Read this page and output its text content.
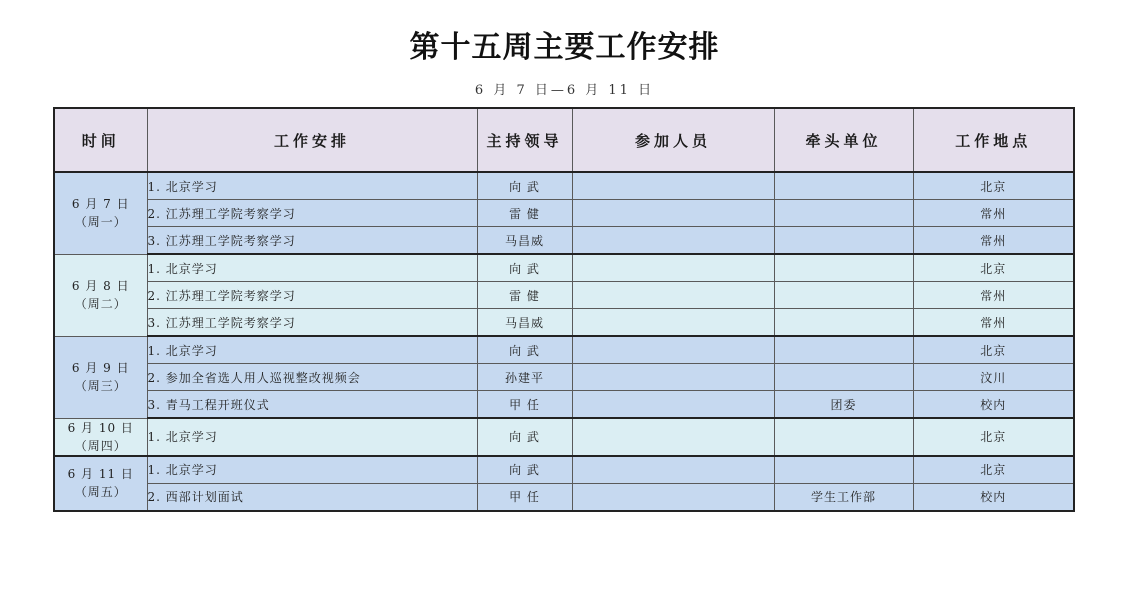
第十五周主要工作安排
6 月 7 日—6 月 11 日
时间	工作安排	主持领导	参加人员	牵头单位	工作地点

6 月 7 日
（周一）	1. 北京学习	向 武			北京
	2. 江苏理工学院考察学习	雷 健			常州
	3. 江苏理工学院考察学习	马昌威			常州

6 月 8 日
（周二）	1. 北京学习	向 武			北京
	2. 江苏理工学院考察学习	雷 健			常州
	3. 江苏理工学院考察学习	马昌威			常州

6 月 9 日
（周三）	1. 北京学习	向 武			北京
	2. 参加全省选人用人巡视整改视频会	孙建平			汶川
	3. 青马工程开班仪式	甲 任		团委	校内

6 月 10 日
（周四）	1. 北京学习	向 武			北京

6 月 11 日
（周五）	1. 北京学习	向 武			北京
	2. 西部计划面试	甲 任		学生工作部	校内
